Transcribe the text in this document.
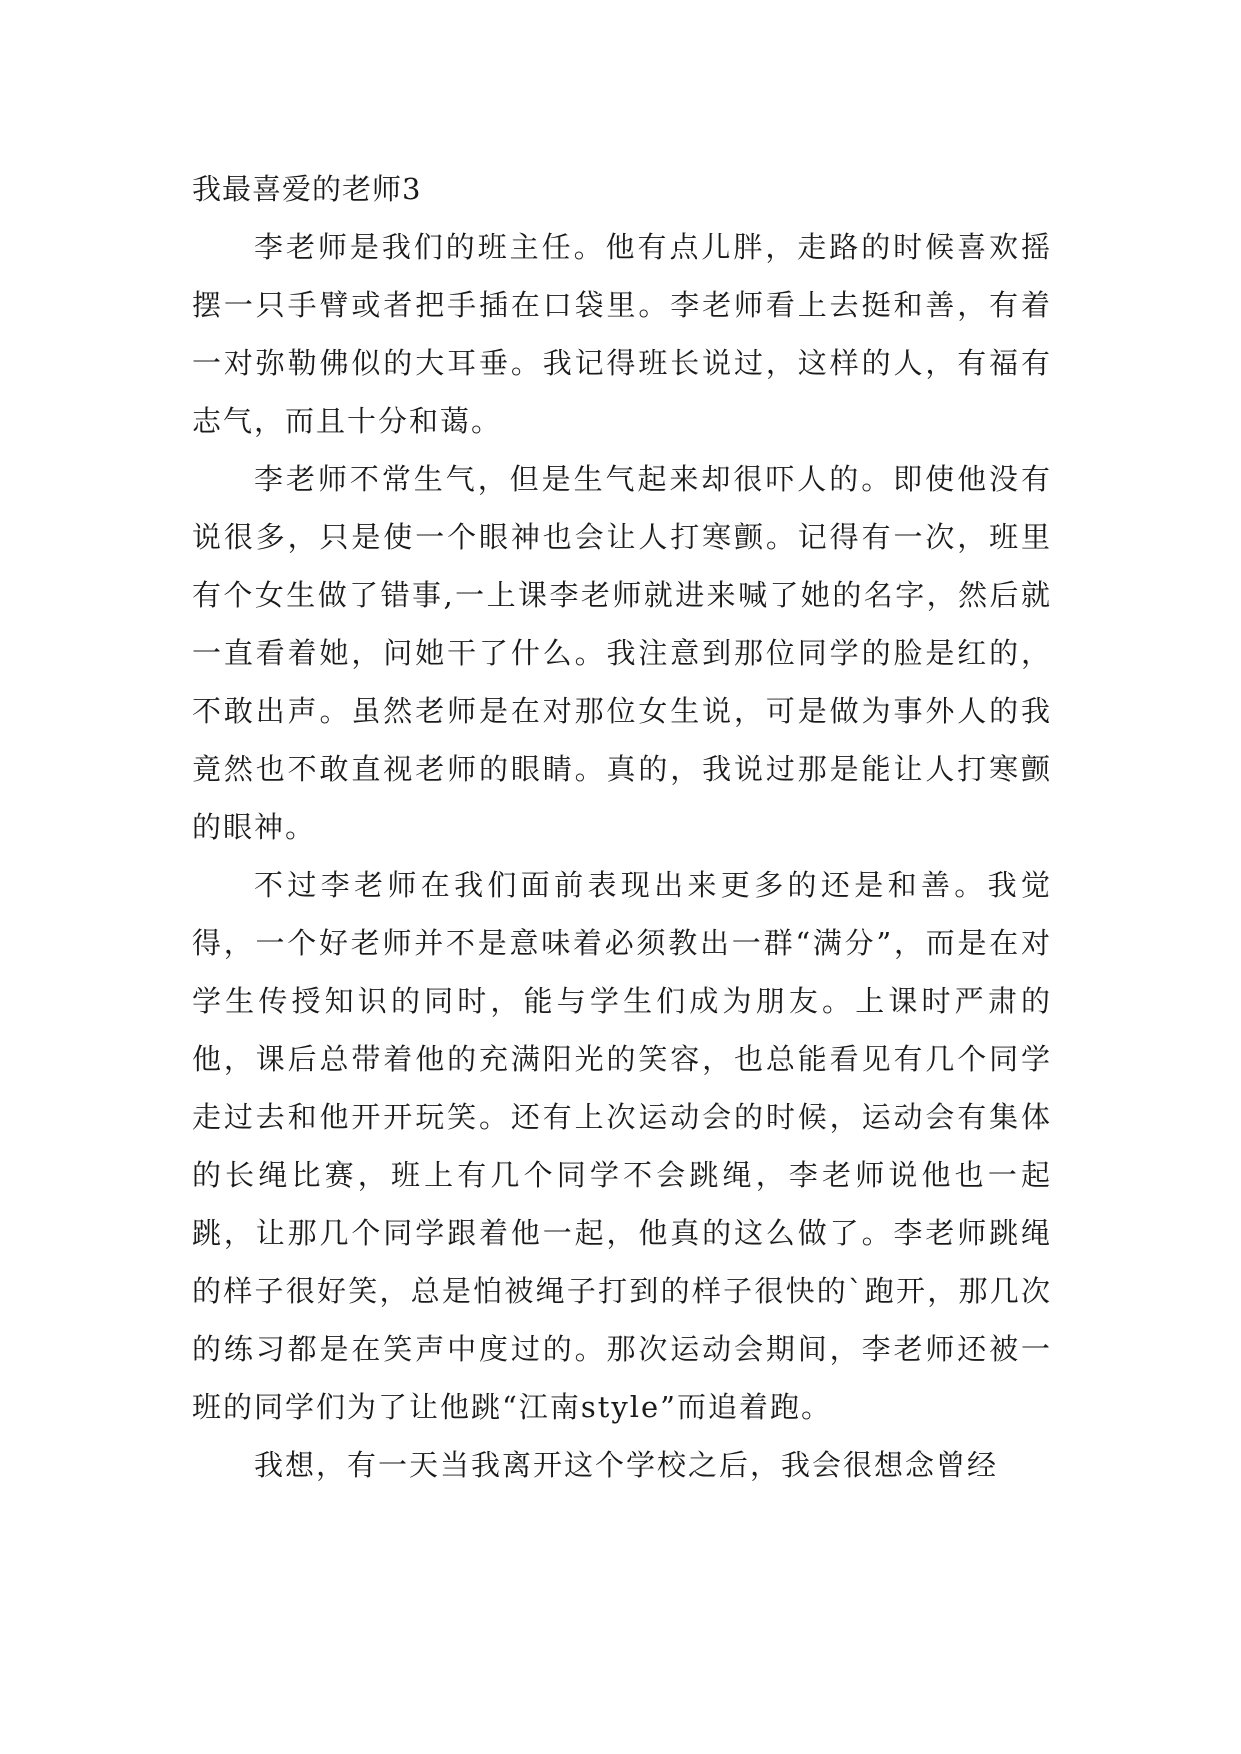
我最喜爱的老师3

李老师是我们的班主任。他有点儿胖，走路的时候喜欢摇摆一只手臂或者把手插在口袋里。李老师看上去挺和善，有着一对弥勒佛似的大耳垂。我记得班长说过，这样的人，有福有志气，而且十分和蔼。

李老师不常生气，但是生气起来却很吓人的。即使他没有说很多，只是使一个眼神也会让人打寒颤。记得有一次，班里有个女生做了错事,一上课李老师就进来喊了她的名字，然后就一直看着她，问她干了什么。我注意到那位同学的脸是红的，不敢出声。虽然老师是在对那位女生说，可是做为事外人的我竟然也不敢直视老师的眼睛。真的，我说过那是能让人打寒颤的眼神。

不过李老师在我们面前表现出来更多的还是和善。我觉得，一个好老师并不是意味着必须教出一群“满分”，而是在对学生传授知识的同时，能与学生们成为朋友。上课时严肃的他，课后总带着他的充满阳光的笑容，也总能看见有几个同学走过去和他开开玩笑。还有上次运动会的时候，运动会有集体的长绳比赛，班上有几个同学不会跳绳，李老师说他也一起跳，让那几个同学跟着他一起，他真的这么做了。李老师跳绳的样子很好笑，总是怕被绳子打到的样子很快的`跑开，那几次的练习都是在笑声中度过的。那次运动会期间，李老师还被一班的同学们为了让他跳“江南style”而追着跑。

我想，有一天当我离开这个学校之后，我会很想念曾经
